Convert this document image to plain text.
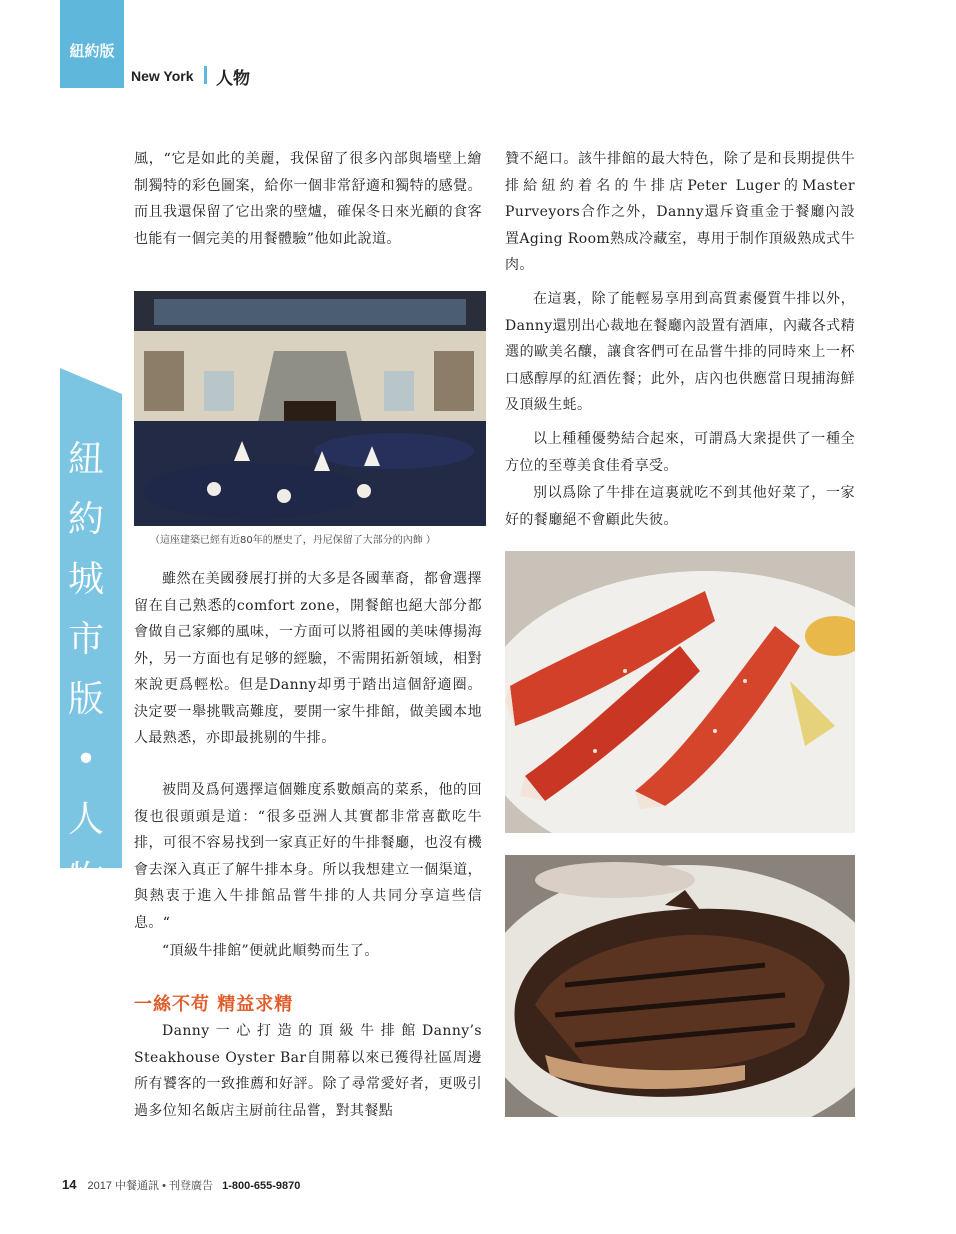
紐約版
New York 人物
紐
約
城
市
版
•
人
物

風，“它是如此的美麗，我保留了很多內部與墻壁上繪制獨特的彩色圖案，給你一個非常舒適和獨特的感覺。而且我還保留了它出衆的壁爐，確保冬日來光顧的食客也能有一個完美的用餐體驗”他如此說道。

（這座建築已經有近80年的歷史了，丹尼保留了大部分的內飾 ）

雖然在美國發展打拼的大多是各國華裔，都會選擇留在自己熟悉的comfort zone，開餐館也絕大部分都會做自己家鄉的風味，一方面可以將祖國的美味傳揚海外，另一方面也有足够的經驗，不需開拓新領域，相對來說更爲輕松。但是Danny却勇于踏出這個舒適圈。決定要一舉挑戰高難度，要開一家牛排館，做美國本地人最熟悉，亦即最挑剔的牛排。

被問及爲何選擇這個難度系數頗高的菜系，他的回復也很頭頭是道：“很多亞洲人其實都非常喜歡吃牛排，可很不容易找到一家真正好的牛排餐廳，也沒有機會去深入真正了解牛排本身。所以我想建立一個渠道，與熱衷于進入牛排館品嘗牛排的人共同分享這些信息。“

“頂級牛排館”便就此順勢而生了。

一絲不苟 精益求精

Danny一心打造的頂級牛排館Danny’s Steakhouse Oyster Bar自開幕以來已獲得社區周邊所有饕客的一致推薦和好評。除了尋常愛好者，更吸引過多位知名飯店主厨前往品嘗，對其餐點

贊不絕口。該牛排館的最大特色，除了是和長期提供牛排給紐約着名的牛排店Peter Luger的Master Purveyors合作之外，Danny還斥資重金于餐廳內設置Aging Room熟成冷藏室，專用于制作頂級熟成式牛肉。

在這裏，除了能輕易享用到高質素優質牛排以外，Danny還別出心裁地在餐廳內設置有酒庫，內藏各式精選的歐美名釀，讓食客們可在品嘗牛排的同時來上一杯口感醇厚的紅酒佐餐；此外，店內也供應當日現捕海鮮及頂級生蚝。

以上種種優勢結合起來，可謂爲大衆提供了一種全方位的至尊美食佳肴享受。

別以爲除了牛排在這裏就吃不到其他好菜了，一家好的餐廳絕不會顧此失彼。

14 2017 中餐通訊 • 刊登廣告 1-800-655-9870
